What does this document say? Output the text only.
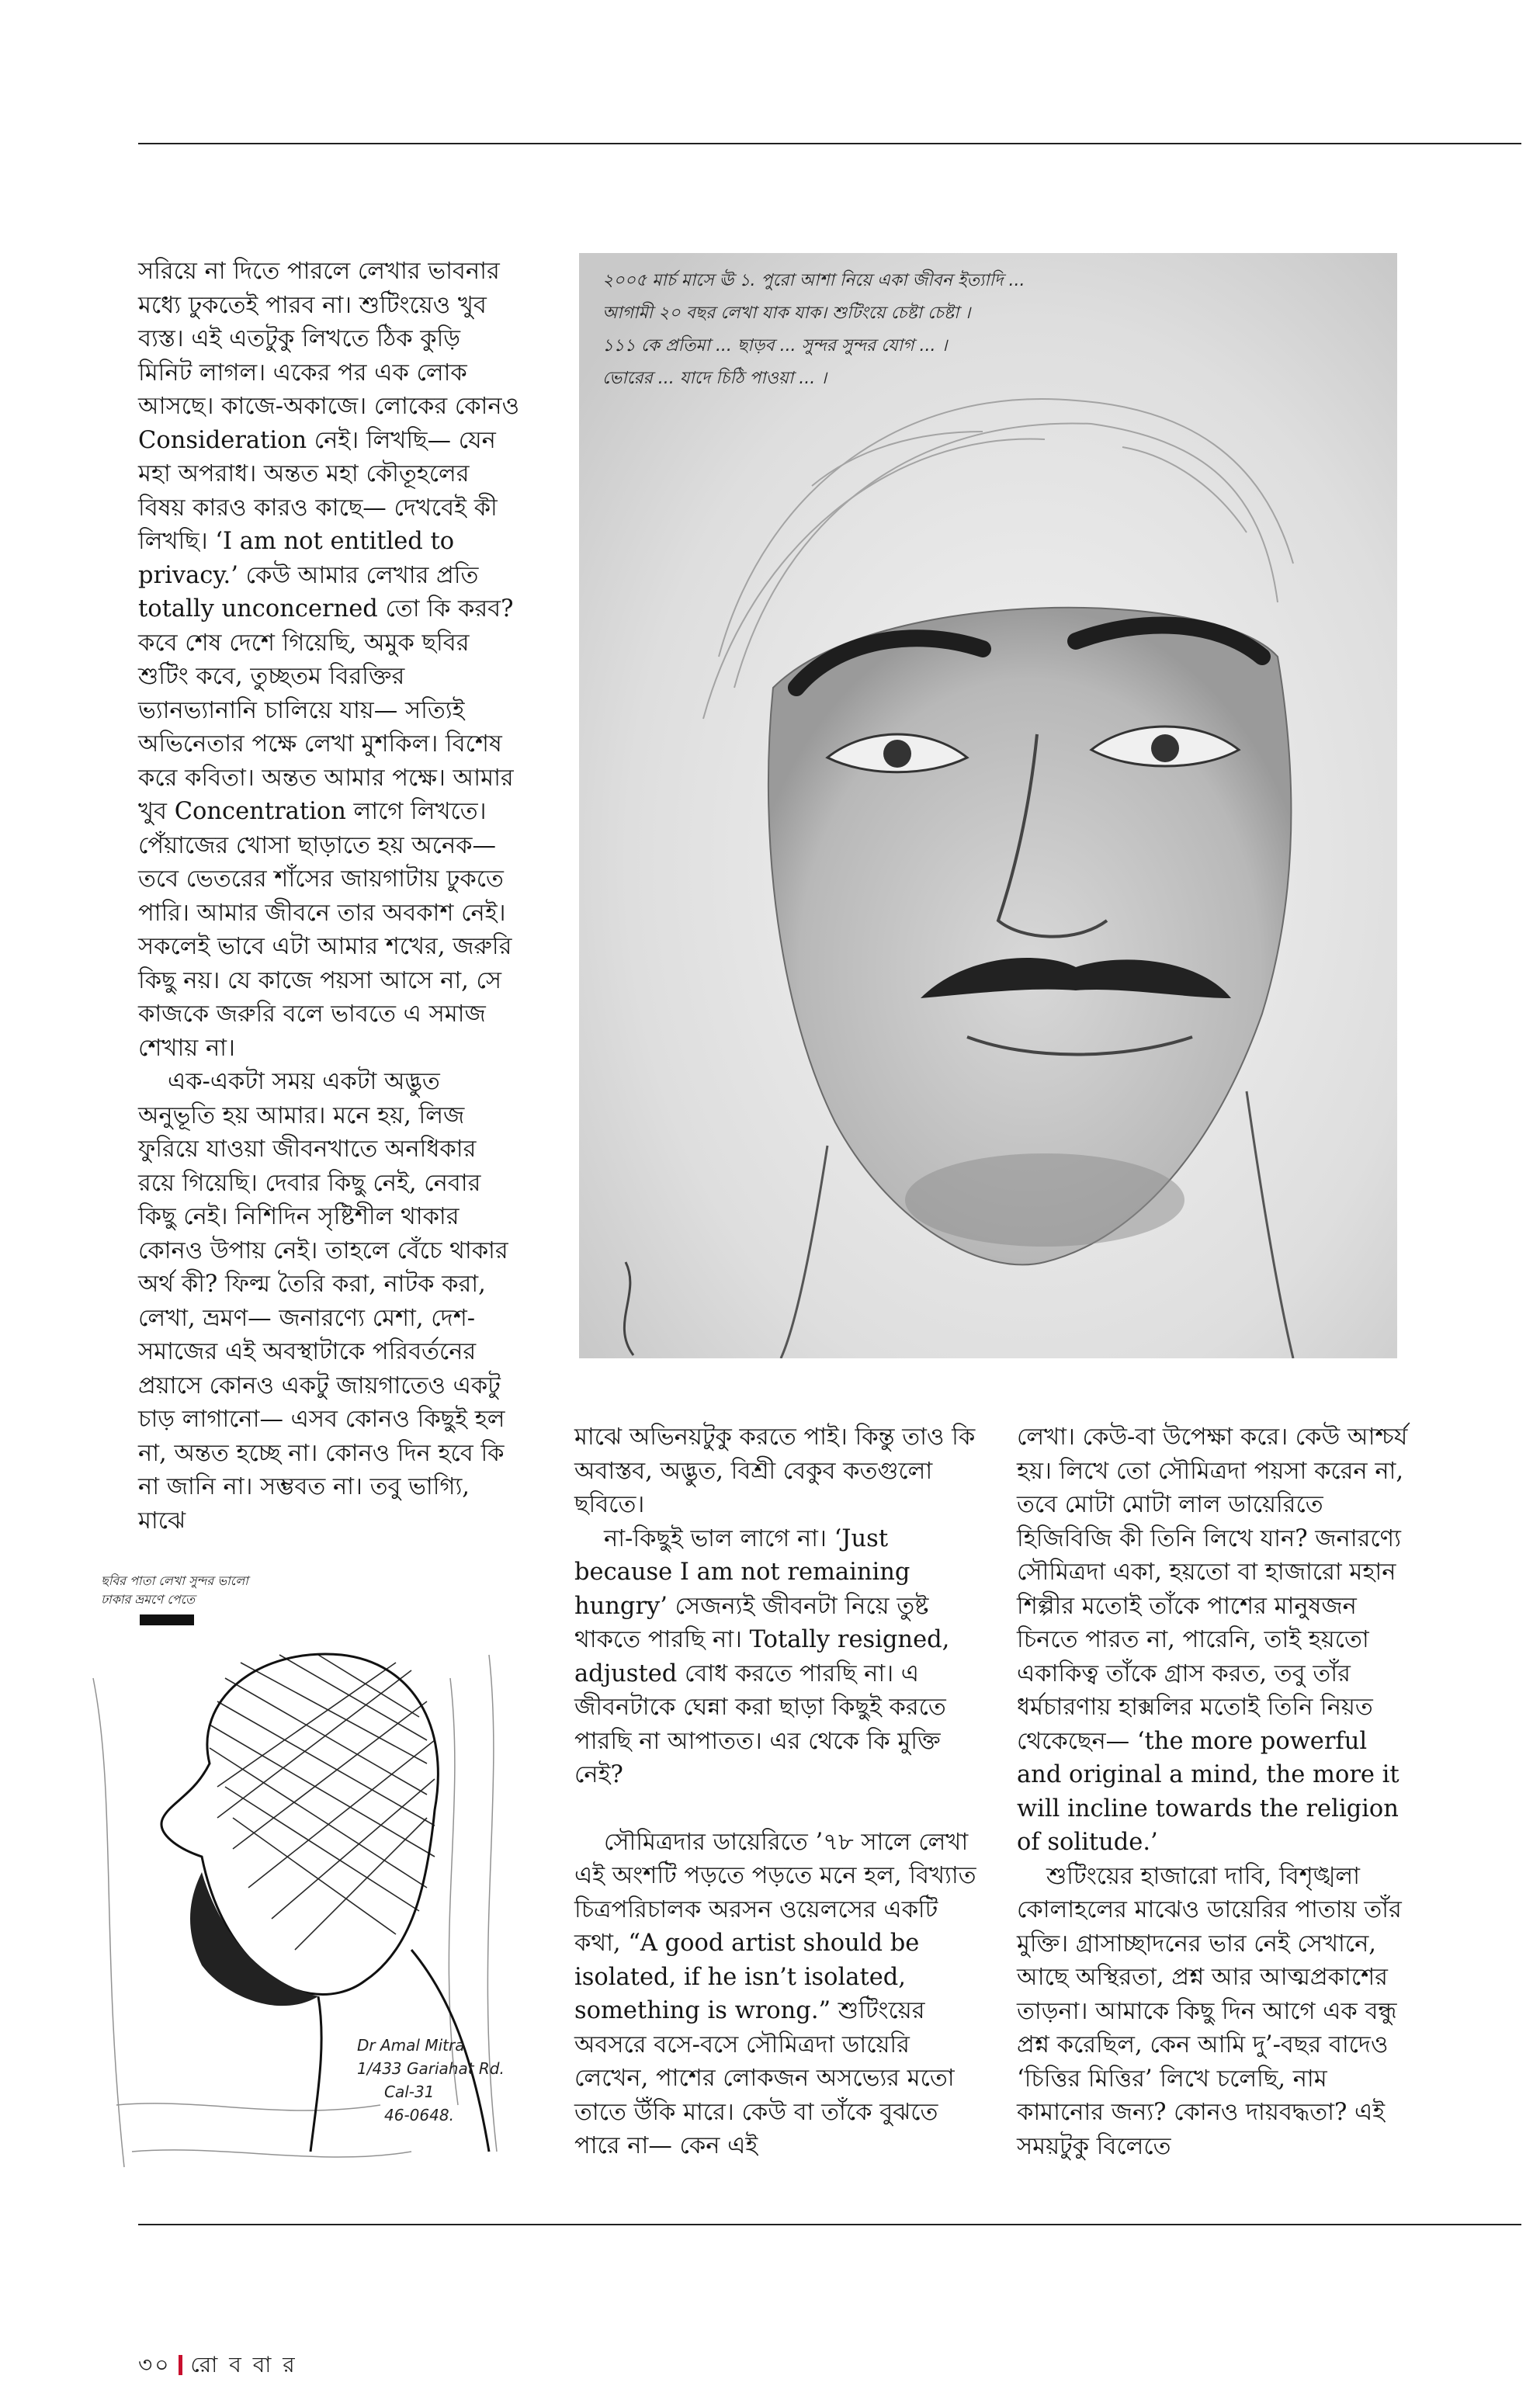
সরিয়ে না দিতে পারলে লেখার ভাবনার মধ্যে ঢুকতেই পারব না। শুটিংয়েও খুব ব্যস্ত। এই এতটুকু লিখতে ঠিক কুড়ি মিনিট লাগল। একের পর এক লোক আসছে। কাজে-অকাজে। লোকের কোনও Consideration নেই। লিখছি— যেন মহা অপরাধ। অন্তত মহা কৌতূহলের বিষয় কারও কারও কাছে— দেখবেই কী লিখছি। ‘I am not entitled to privacy.’ কেউ আমার লেখার প্রতি totally unconcerned তো কি করব? কবে শেষ দেশে গিয়েছি, অমুক ছবির শুটিং কবে, তুচ্ছতম বিরক্তির ভ্যানভ্যানানি চালিয়ে যায়— সত্যিই অভিনেতার পক্ষে লেখা মুশকিল। বিশেষ করে কবিতা। অন্তত আমার পক্ষে। আমার খুব Concentration লাগে লিখতে। পেঁয়াজের খোসা ছাড়াতে হয় অনেক— তবে ভেতরের শাঁসের জায়গাটায় ঢুকতে পারি। আমার জীবনে তার অবকাশ নেই। সকলেই ভাবে এটা আমার শখের, জরুরি কিছু নয়। যে কাজে পয়সা আসে না, সে কাজকে জরুরি বলে ভাবতে এ সমাজ শেখায় না।

এক-একটা সময় একটা অদ্ভুত অনুভূতি হয় আমার। মনে হয়, লিজ ফুরিয়ে যাওয়া জীবনখাতে অনধিকার রয়ে গিয়েছি। দেবার কিছু নেই, নেবার কিছু নেই। নিশিদিন সৃষ্টিশীল থাকার কোনও উপায় নেই। তাহলে বেঁচে থাকার অর্থ কী? ফিল্ম তৈরি করা, নাটক করা, লেখা, ভ্রমণ— জনারণ্যে মেশা, দেশ-সমাজের এই অবস্থাটাকে পরিবর্তনের প্রয়াসে কোনও একটু জায়গাতেও একটু চাড় লাগানো— এসব কোনও কিছুই হল না, অন্তত হচ্ছে না। কোনও দিন হবে কি না জানি না। সম্ভবত না। তবু ভাগ্যি, মাঝে

২০০৫ মার্চ মাসে ঊ ১. পুরো আশা নিয়ে একা জীবন ইত্যাদি ...
আগামী ২০ বছর লেখা যাক যাক। শুটিংয়ে চেষ্টা চেষ্টা ।
১১১ কে প্রতিমা ... ছাড়ব ... সুন্দর সুন্দর যোগ ... ।
ভোরের ... যাদে চিঠি পাওয়া ... ।
ছবির পাতা লেখা সুন্দর ভালো
ঢাকার ভ্রমণে পেতে
Dr Amal Mitra
1/433 Gariahat Rd.
Cal-31
46-0648.

মাঝে অভিনয়টুকু করতে পাই। কিন্তু তাও কি অবাস্তব, অদ্ভুত, বিশ্রী বেকুব কতগুলো ছবিতে।

না-কিছুই ভাল লাগে না। ‘Just because I am not remaining hungry’ সেজন্যই জীবনটা নিয়ে তুষ্ট থাকতে পারছি না। Totally resigned, adjusted বোধ করতে পারছি না। এ জীবনটাকে ঘেন্না করা ছাড়া কিছুই করতে পারছি না আপাতত। এর থেকে কি মুক্তি নেই?

সৌমিত্রদার ডায়েরিতে ’৭৮ সালে লেখা এই অংশটি পড়তে পড়তে মনে হল, বিখ্যাত চিত্রপরিচালক অরসন ওয়েলসের একটি কথা, “A good artist should be isolated, if he isn’t isolated, something is wrong.” শুটিংয়ের অবসরে বসে-বসে সৌমিত্রদা ডায়েরি লেখেন, পাশের লোকজন অসভ্যের মতো তাতে উঁকি মারে। কেউ বা তাঁকে বুঝতে পারে না— কেন এই

লেখা। কেউ-বা উপেক্ষা করে। কেউ আশ্চর্য হয়। লিখে তো সৌমিত্রদা পয়সা করেন না, তবে মোটা মোটা লাল ডায়েরিতে হিজিবিজি কী তিনি লিখে যান? জনারণ্যে সৌমিত্রদা একা, হয়তো বা হাজারো মহান শিল্পীর মতোই তাঁকে পাশের মানুষজন চিনতে পারত না, পারেনি, তাই হয়তো একাকিত্ব তাঁকে গ্রাস করত, তবু তাঁর ধর্মচারণায় হাক্সলির মতোই তিনি নিয়ত থেকেছেন— ‘the more powerful and original a mind, the more it will incline towards the religion of solitude.’

শুটিংয়ের হাজারো দাবি, বিশৃঙ্খলা কোলাহলের মাঝেও ডায়েরির পাতায় তাঁর মুক্তি। গ্রাসাচ্ছাদনের ভার নেই সেখানে, আছে অস্থিরতা, প্রশ্ন আর আত্মপ্রকাশের তাড়না। আমাকে কিছু দিন আগে এক বন্ধু প্রশ্ন করেছিল, কেন আমি দু’-বছর বাদেও ‘চিত্তির মিত্তির’ লিখে চলেছি, নাম কামানোর জন্য? কোনও দায়বদ্ধতা? এই সময়টুকু বিলেতে

৩০ রো ব বা র
